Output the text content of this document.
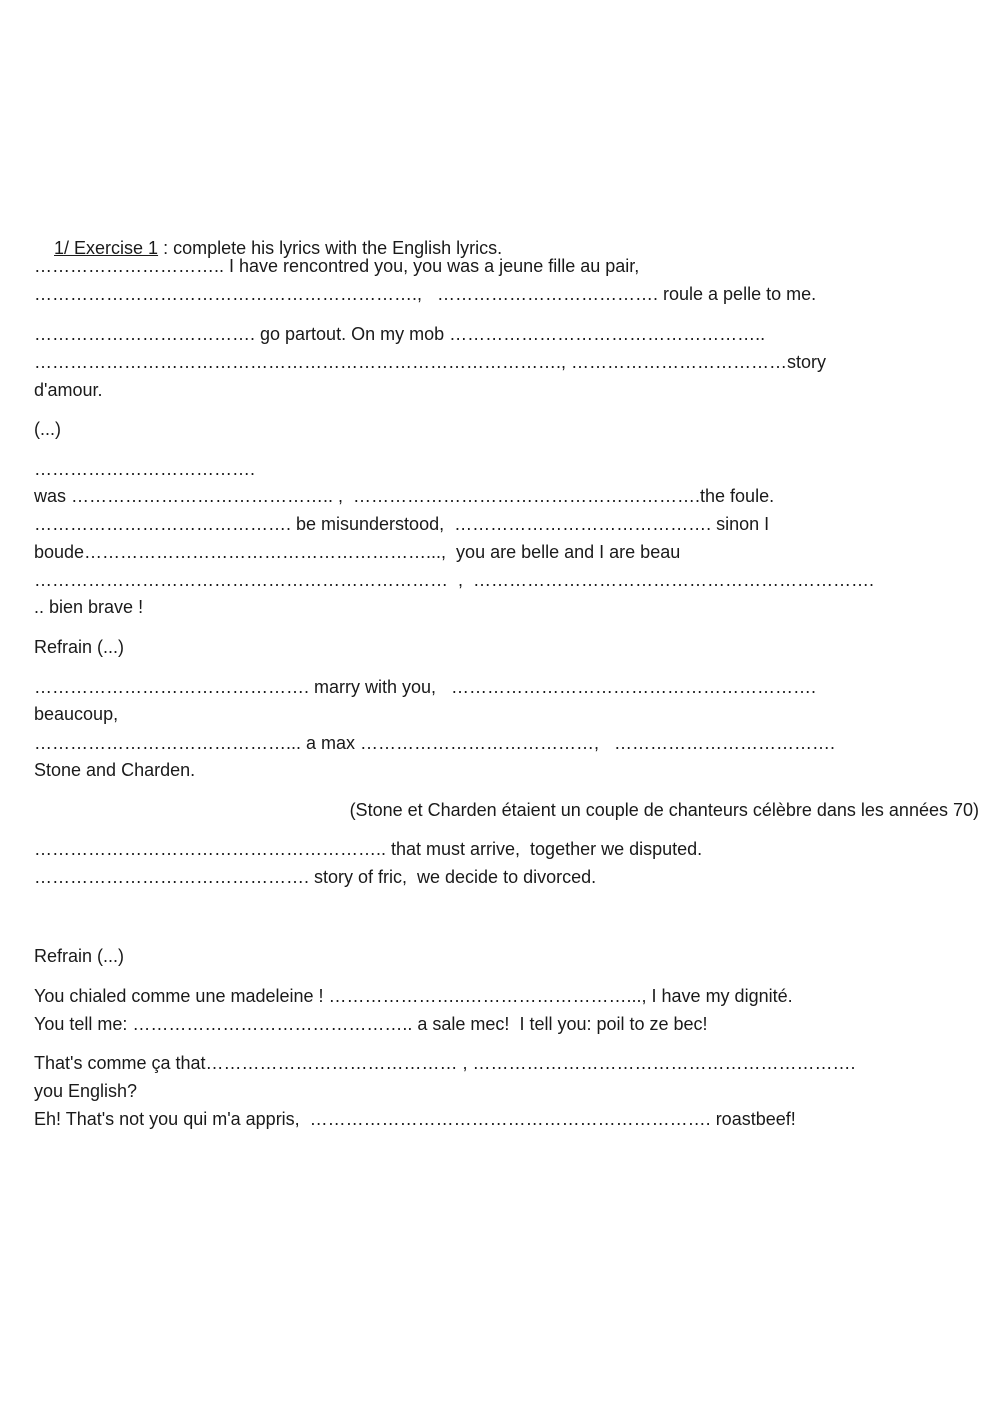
1/ Exercise 1 : complete his lyrics with the English lyrics.

………………………….. I have rencontred you, you was a jeune fille au pair,
……………………………………………………….,   ………………………………. roule a pelle to me.
………………………………. go partout. On my mob ……………………………………………..
……………………………………………………………………………., ………………………………story
d'amour.
(...)
……………………………….
was …………………………………….. ,  ………………………………………………….the foule.
……………………………………. be misunderstood,  ……………………………………. sinon I
boude…………………………………………………...,  you are belle and I are beau
……………………………………………………………  ,  ………………………………………………………….
.. bien brave !
Refrain (...)
………………………………………. marry with you,   …………………………………………………….
beaucoup,
……………………………………... a max …………………………………,   ……………………………….
Stone and Charden.
(Stone et Charden étaient un couple de chanteurs célèbre dans les années 70)
………………………………………………….. that must arrive,  together we disputed.
………………………………………. story of fric,  we decide to divorced.
Refrain (...)
You chialed comme une madeleine ! …………………..………………………..., I have my dignité.
You tell me: ……………………………………….. a sale mec!  I tell you: poil to ze bec!
That's comme ça that…………………………………… , ……………………………………………………….
you English?
Eh! That's not you qui m'a appris,  …………………………………………………………. roastbeef!
